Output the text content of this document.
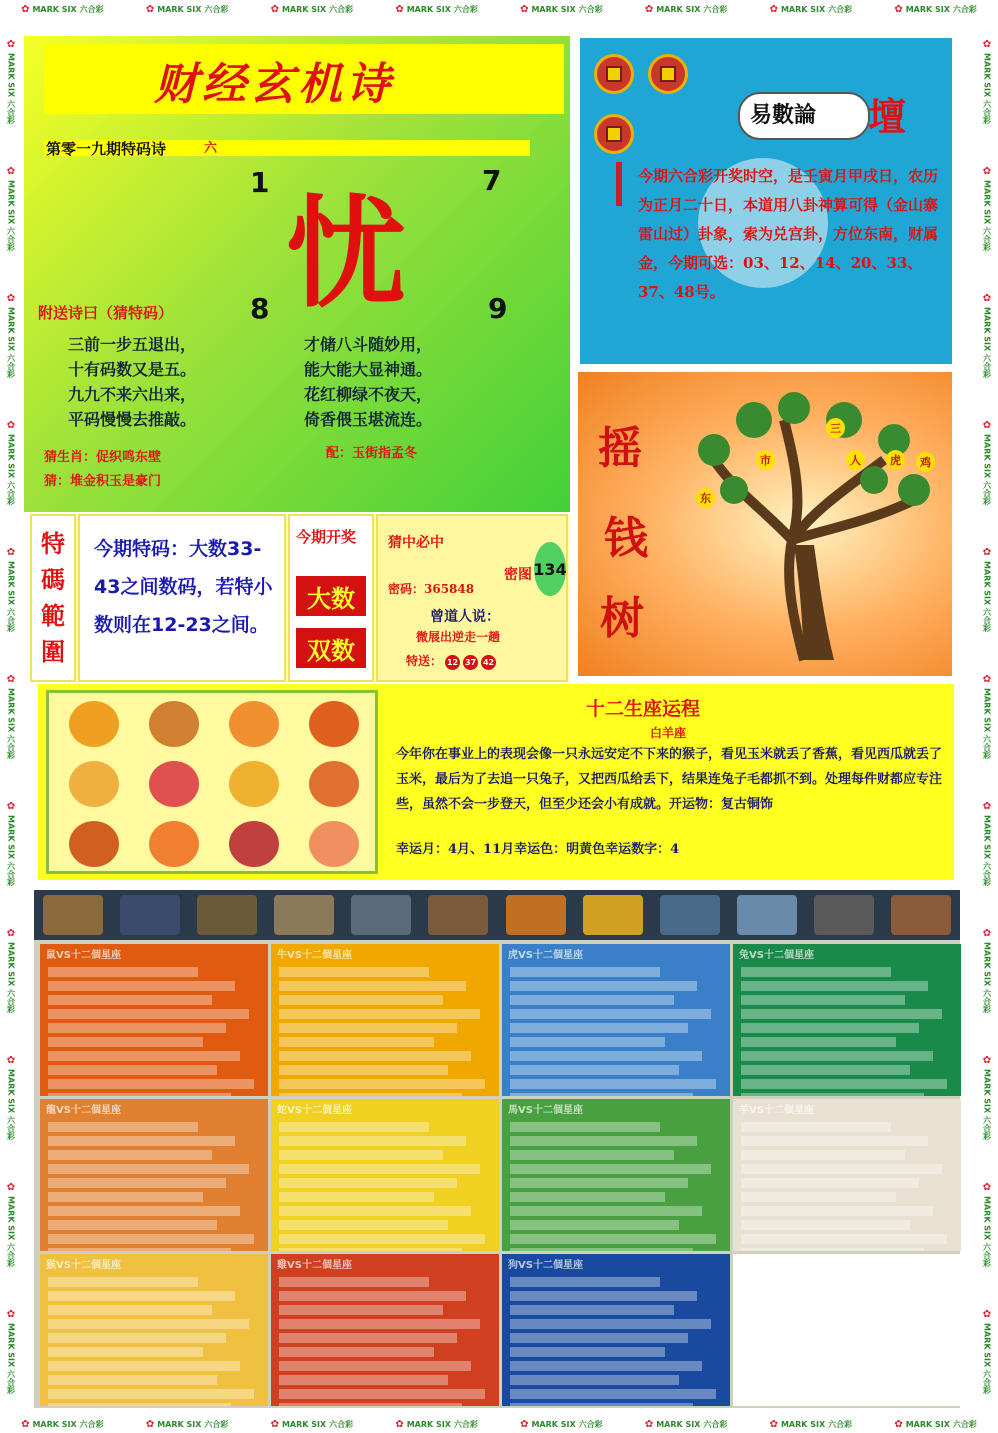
✿ MARK SIX 六合彩	✿ MARK SIX 六合彩	✿ MARK SIX 六合彩	✿ MARK SIX 六合彩	✿ MARK SIX 六合彩	✿ MARK SIX 六合彩	✿ MARK SIX 六合彩	✿ MARK SIX 六合彩
✿ MARK SIX 六合彩	✿ MARK SIX 六合彩	✿ MARK SIX 六合彩	✿ MARK SIX 六合彩	✿ MARK SIX 六合彩	✿ MARK SIX 六合彩	✿ MARK SIX 六合彩	✿ MARK SIX 六合彩
✿
MARK SIX
六合彩
✿
MARK SIX
六合彩
✿
MARK SIX
六合彩
✿
MARK SIX
六合彩
✿
MARK SIX
六合彩
✿
MARK SIX
六合彩
✿
MARK SIX
六合彩
✿
MARK SIX
六合彩
✿
MARK SIX
六合彩
✿
MARK SIX
六合彩
✿
MARK SIX
六合彩
✿
MARK SIX
六合彩
✿
MARK SIX
六合彩
✿
MARK SIX
六合彩
✿
MARK SIX
六合彩
✿
MARK SIX
六合彩
✿
MARK SIX
六合彩
✿
MARK SIX
六合彩
✿
MARK SIX
六合彩
✿
MARK SIX
六合彩
✿
MARK SIX
六合彩
✿
MARK SIX
六合彩
财经玄机诗
第零一九期特码诗	六
1	7
忧
8	9
附送诗曰（猜特码）
三前一步五退出，
十有码数又是五。
九九不来六出来，
平码慢慢去推敲。
才储八斗随妙用，
能大能大显神通。
花红柳绿不夜天，
倚香偎玉堪流连。
猜生肖：促织鸣东壁
猜：堆金积玉是豪门
配：玉街指孟冬
易數論 壇
今期六合彩开奖时空，是壬寅月甲戌日，农历为正月二十日，本道用八卦神算可得（金山寨雷山过）卦象，索为兑宫卦，方位东南，财属金，今期可选：03、12、14、20、33、37、48号。
摇
钱
树
市
三
人	虎
东
鸡
特
碼
範
圍
今期特码：大数33-43之间数码，若特小数则在12-23之间。
今期开奖
大数
双数
猜中必中
密图 134
密码：365848
曾道人说：
微展出逆走一趟
特送： 12 37 42
十二生座运程
白羊座
今年你在事业上的表现会像一只永远安定不下来的猴子，看见玉米就丢了香蕉，看见西瓜就丢了玉米，最后为了去追一只兔子，又把西瓜给丢下，结果连兔子毛都抓不到。处理每件财都应专注些，虽然不会一步登天，但至少还会小有成就。开运物：复古铜饰
幸运月：4月、11月幸运色：明黄色幸运数字：4
鼠VS十二個星座	牛VS十二個星座	虎VS十二個星座	兔VS十二個星座
龍VS十二個星座	蛇VS十二個星座	馬VS十二個星座	羊VS十二個星座
猴VS十二個星座	雞VS十二個星座	狗VS十二個星座	豬VS十二個星座
